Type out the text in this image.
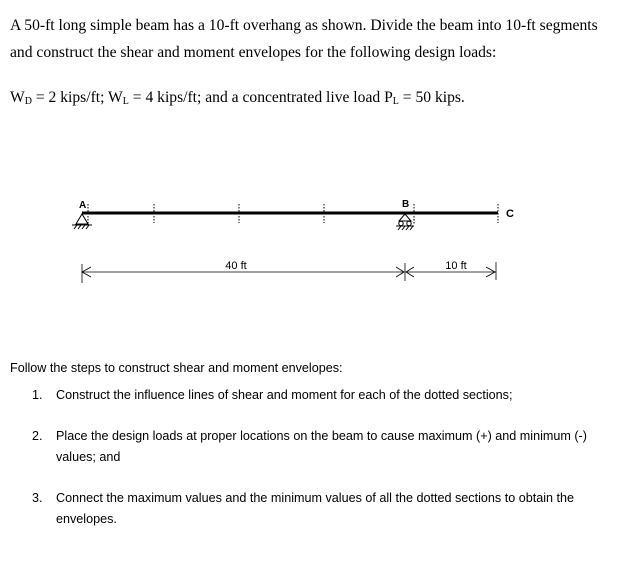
A 50-ft long simple beam has a 10-ft overhang as shown. Divide the beam into 10-ft segments and construct the shear and moment envelopes for the following design loads:

$W_D = 2$ kips/ft; $W_L = 4$ kips/ft; and a concentrated live load $P_L = 50$ kips.

A	B
C
40 ft	10 ft

Follow the steps to construct shear and moment envelopes:

1. Construct the influence lines of shear and moment for each of the dotted sections;
2. Place the design loads at proper locations on the beam to cause maximum (+) and minimum (-) values; and
3. Connect the maximum values and the minimum values of all the dotted sections to obtain the envelopes.
